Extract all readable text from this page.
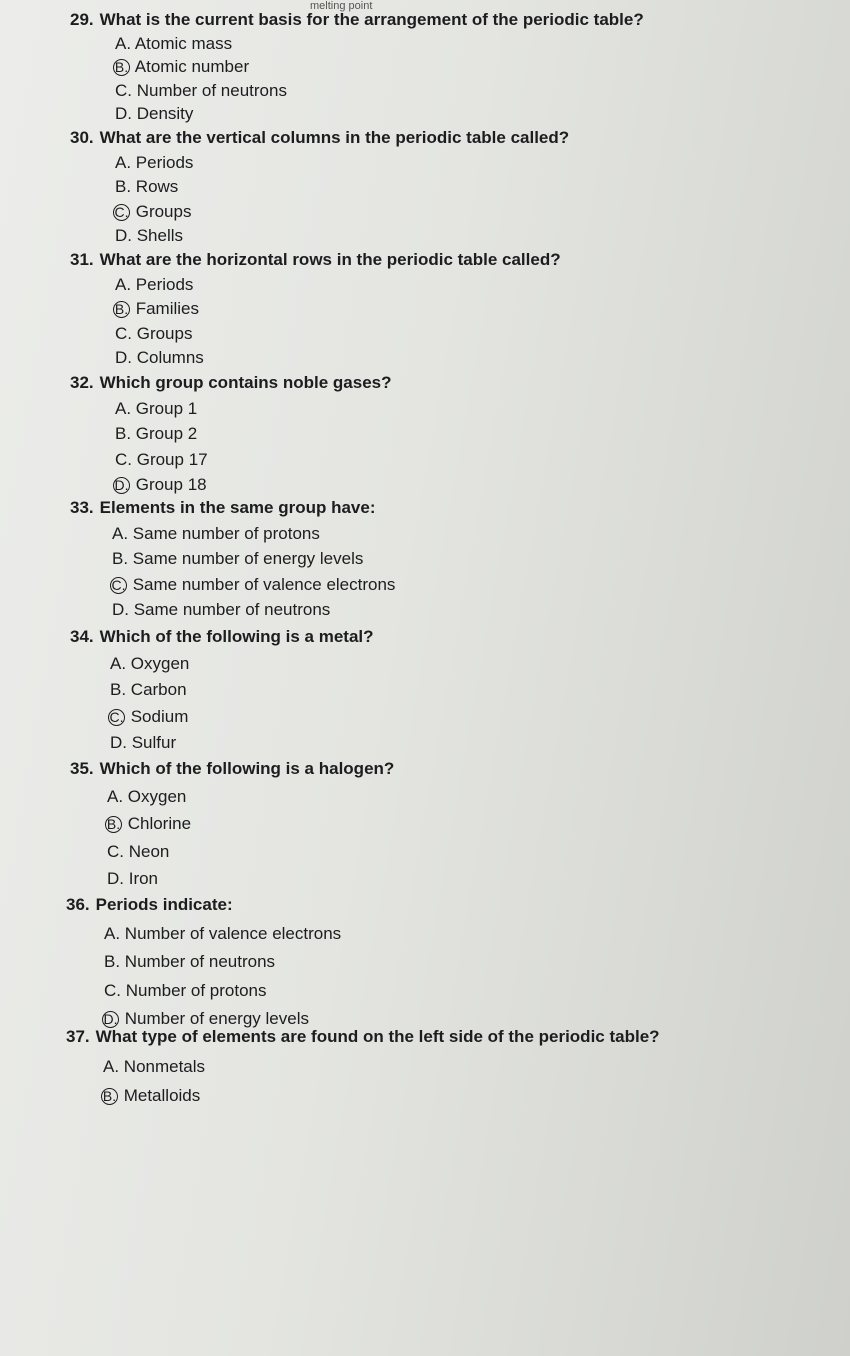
melting point
29. What is the current basis for the arrangement of the periodic table?
A. Atomic mass
B. Atomic number
C. Number of neutrons
D. Density
30. What are the vertical columns in the periodic table called?
A. Periods
B. Rows
C. Groups
D. Shells
31. What are the horizontal rows in the periodic table called?
A. Periods
B. Families
C. Groups
D. Columns
32. Which group contains noble gases?
A. Group 1
B. Group 2
C. Group 17
D. Group 18
33. Elements in the same group have:
A. Same number of protons
B. Same number of energy levels
C. Same number of valence electrons
D. Same number of neutrons
34. Which of the following is a metal?
A. Oxygen
B. Carbon
C. Sodium
D. Sulfur
35. Which of the following is a halogen?
A. Oxygen
B. Chlorine
C. Neon
D. Iron
36. Periods indicate:
A. Number of valence electrons
B. Number of neutrons
C. Number of protons
D. Number of energy levels
37. What type of elements are found on the left side of the periodic table?
A. Nonmetals
B. Metalloids
